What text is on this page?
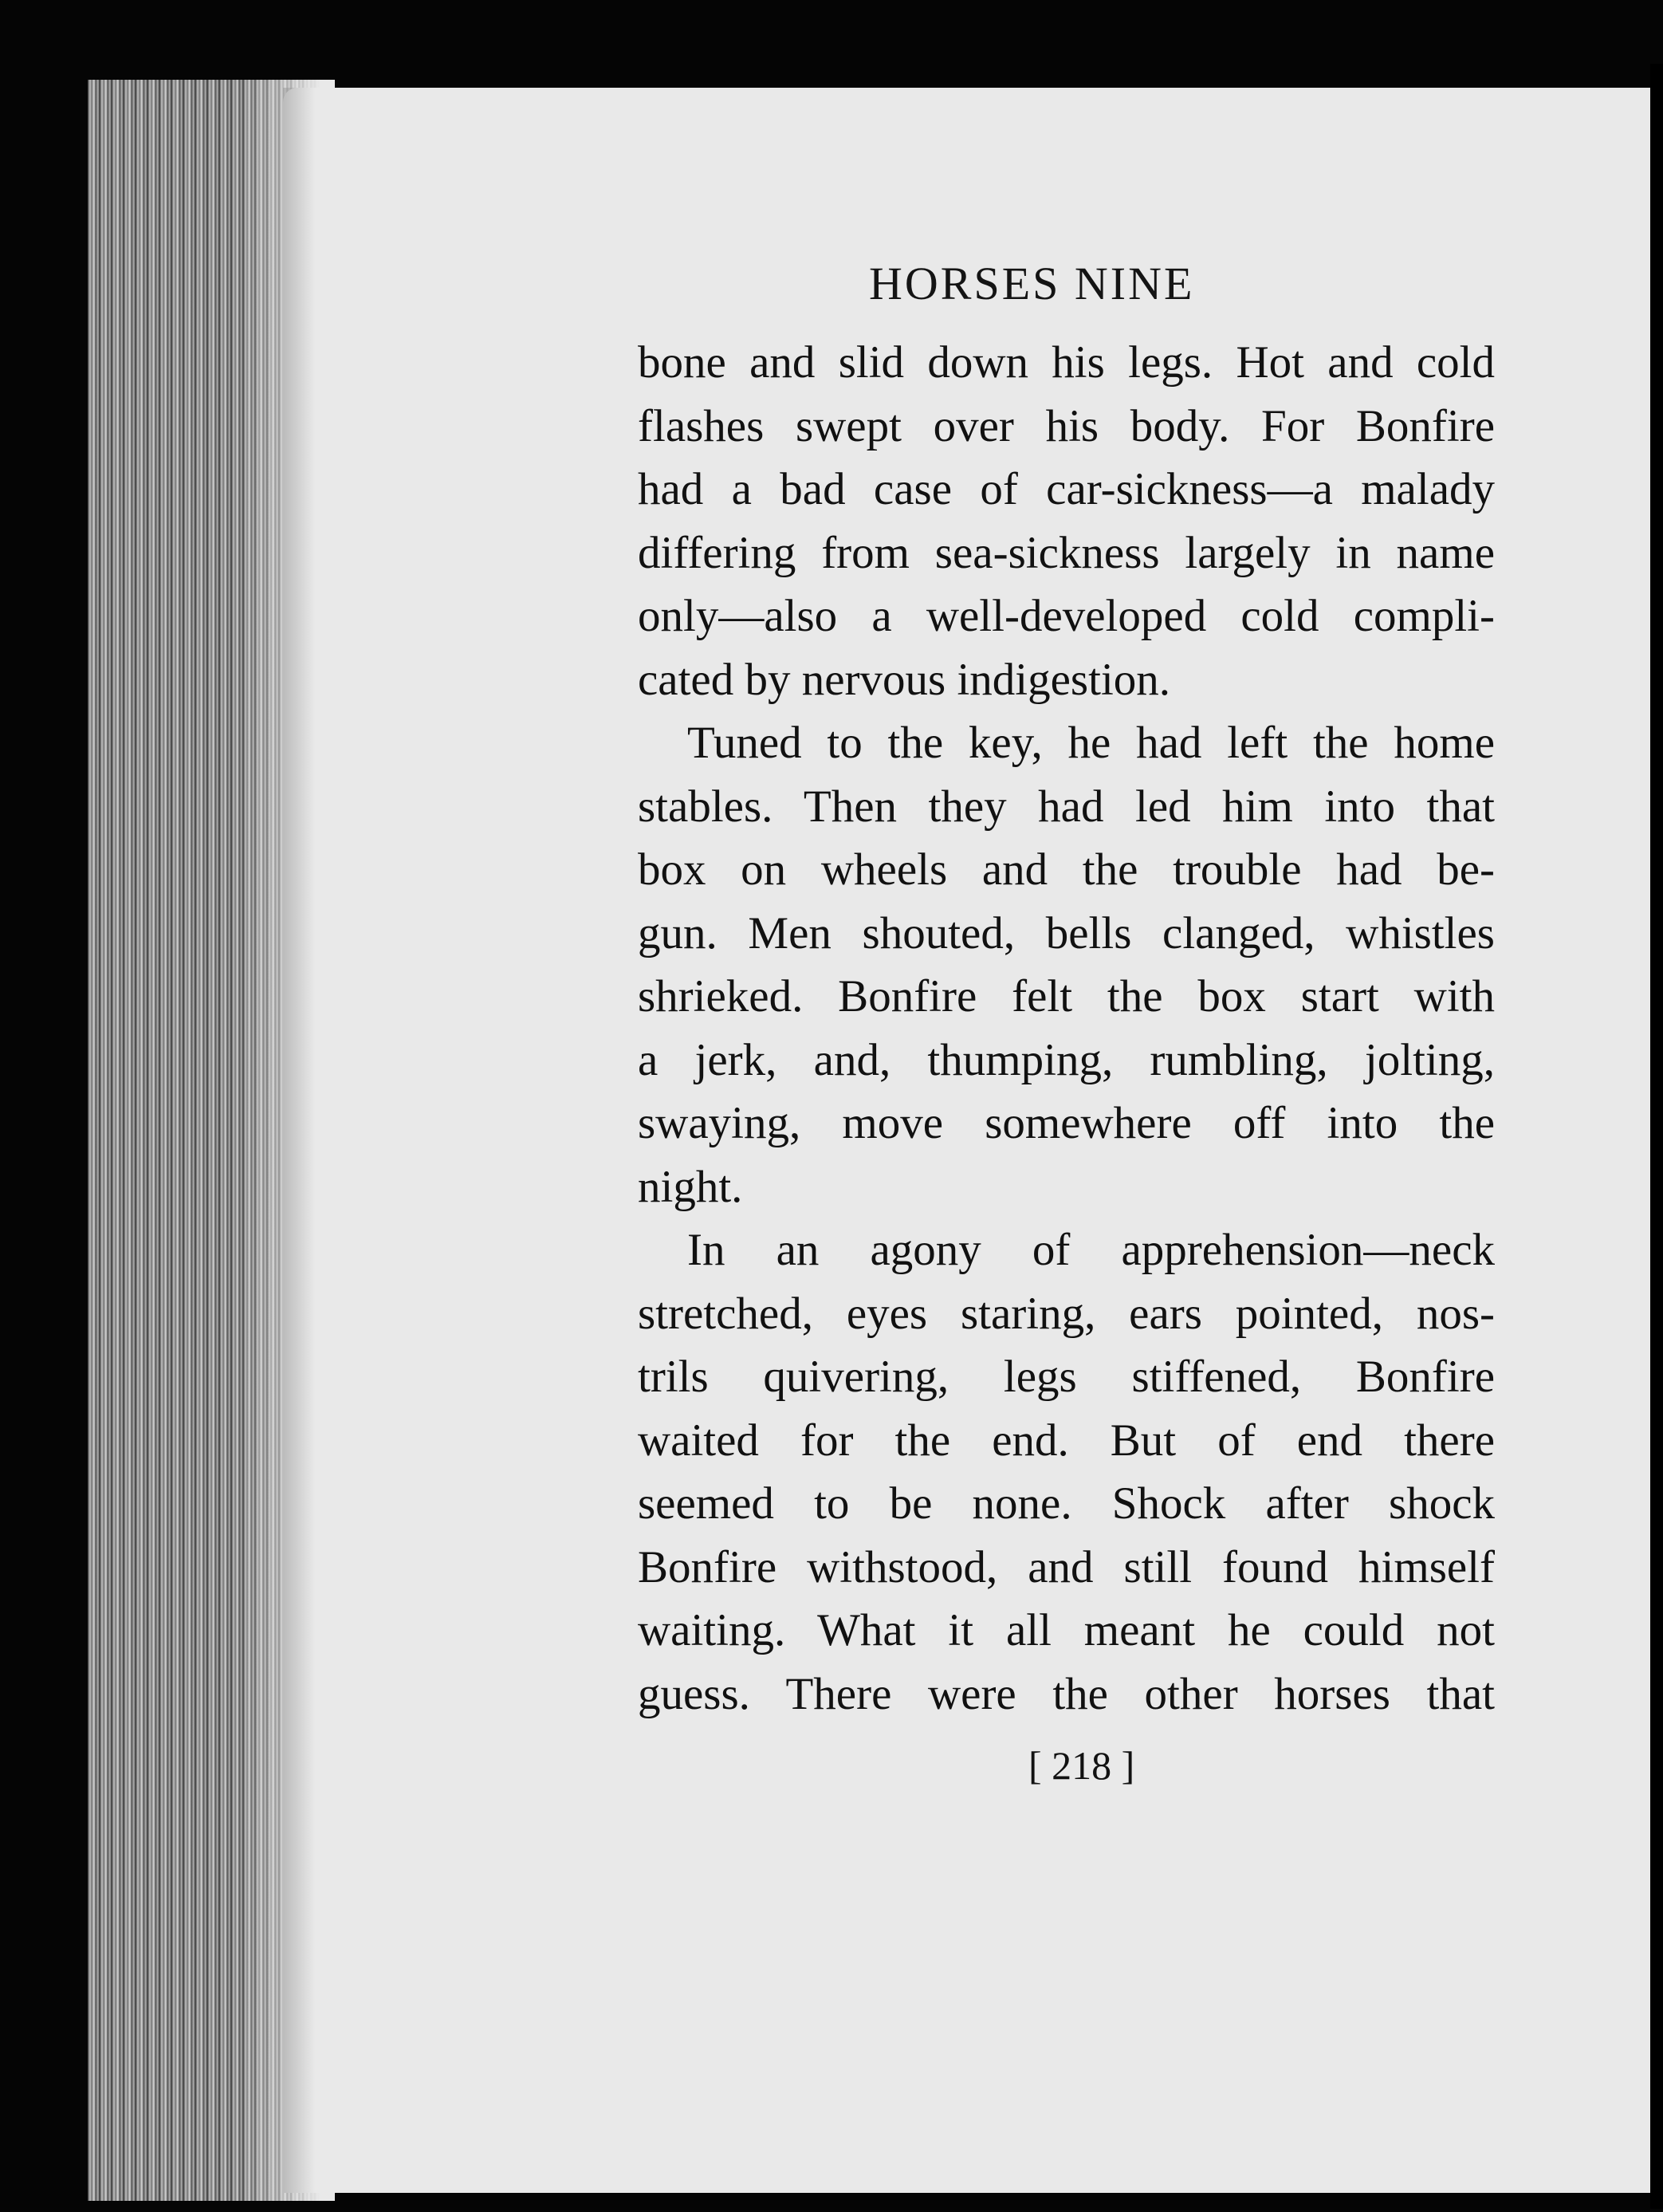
HORSES NINE
bone and slid down his legs. Hot and cold
flashes swept over his body. For Bonfire
had a bad case of car-sickness—a malady
differing from sea-sickness largely in name
only—also a well-developed cold compli-
cated by nervous indigestion.
Tuned to the key, he had left the home
stables. Then they had led him into that
box on wheels and the trouble had be-
gun. Men shouted, bells clanged, whistles
shrieked. Bonfire felt the box start with
a jerk, and, thumping, rumbling, jolting,
swaying, move somewhere off into the
night.
In an agony of apprehension—neck
stretched, eyes staring, ears pointed, nos-
trils quivering, legs stiffened, Bonfire
waited for the end. But of end there
seemed to be none. Shock after shock
Bonfire withstood, and still found himself
waiting. What it all meant he could not
guess. There were the other horses that
[ 218 ]
